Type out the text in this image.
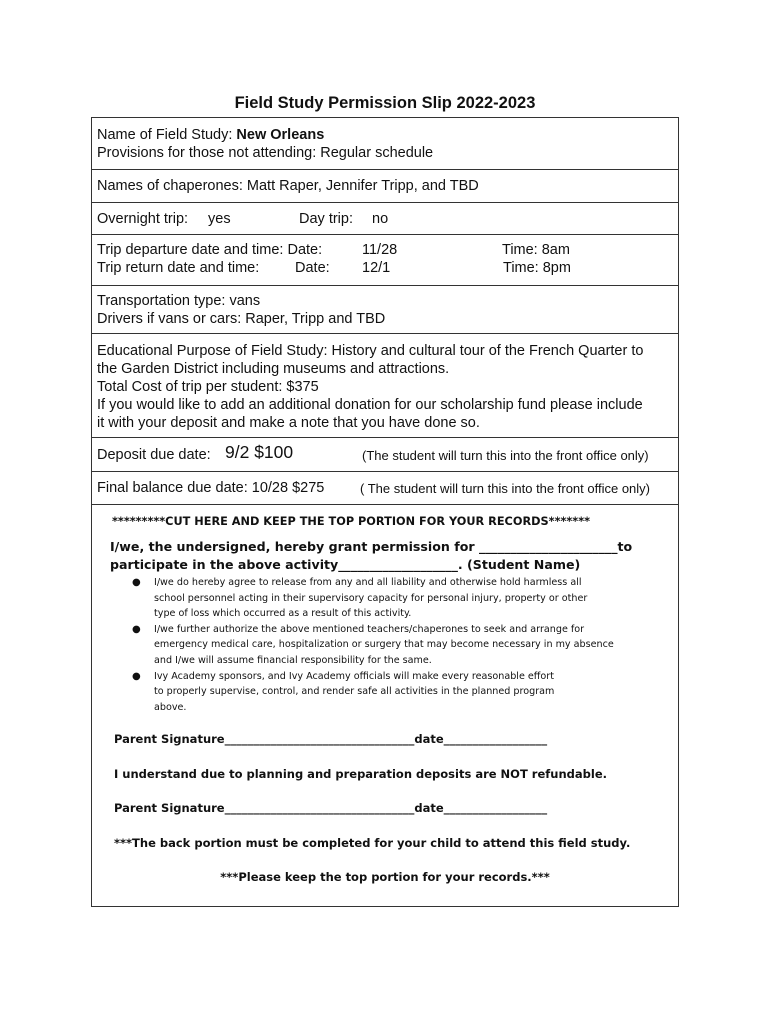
Field Study Permission Slip 2022-2023
Name of Field Study: New Orleans
Provisions for those not attending: Regular schedule
Names of chaperones: Matt Raper, Jennifer Tripp, and TBD
Overnight trip: yes	Day trip: no
Trip departure date and time: Date:	11/28	Time: 8am
Trip return date and time: Date: 12/1	Time: 8pm
Transportation type: vans
Drivers if vans or cars: Raper, Tripp and TBD
Educational Purpose of Field Study: History and cultural tour of the French Quarter to
the Garden District including museums and attractions.
Total Cost of trip per student: $375
If you would like to add an additional donation for our scholarship fund please include
it with your deposit and make a note that you have done so.
Deposit due date: 9/2 $100	(The student will turn this into the front office only)
Final balance due date: 10/28 $275	( The student will turn this into the front office only)
*********CUT HERE AND KEEP THE TOP PORTION FOR YOUR RECORDS*******
I/we, the undersigned, hereby grant permission for ______________________to
participate in the above activity___________________. (Student Name)
● I/we do hereby agree to release from any and all liability and otherwise hold harmless all
school personnel acting in their supervisory capacity for personal injury, property or other
type of loss which occurred as a result of this activity.
● I/we further authorize the above mentioned teachers/chaperones to seek and arrange for
emergency medical care, hospitalization or surgery that may become necessary in my absence
and I/we will assume financial responsibility for the same.
● Ivy Academy sponsors, and Ivy Academy officials will make every reasonable effort
to properly supervise, control, and render safe all activities in the planned program
above.
Parent Signature_________________________________date__________________
I understand due to planning and preparation deposits are NOT refundable.
Parent Signature_________________________________date__________________
***The back portion must be completed for your child to attend this field study.
***Please keep the top portion for your records.***
